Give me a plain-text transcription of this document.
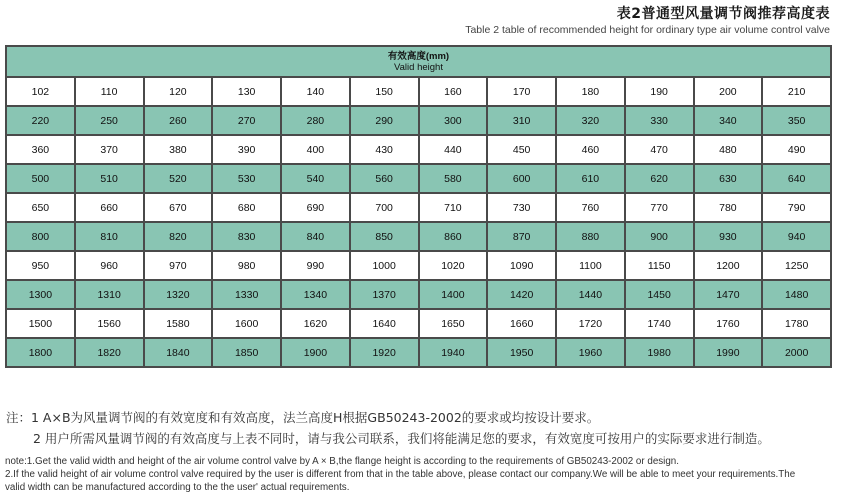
表2普通型风量调节阀推荐高度表
Table 2 table of recommended height for ordinary type air volume control valve
有效高度(mm)
Valid height											

102	110	120	130	140	150	160	170	180	190	200	210
220	250	260	270	280	290	300	310	320	330	340	350
360	370	380	390	400	430	440	450	460	470	480	490
500	510	520	530	540	560	580	600	610	620	630	640
650	660	670	680	690	700	710	730	760	770	780	790
800	810	820	830	840	850	860	870	880	900	930	940
950	960	970	980	990	1000	1020	1090	1100	1150	1200	1250
1300	1310	1320	1330	1340	1370	1400	1420	1440	1450	1470	1480
1500	1560	1580	1600	1620	1640	1650	1660	1720	1740	1760	1780
1800	1820	1840	1850	1900	1920	1940	1950	1960	1980	1990	2000
注：1 A×B为风量调节阀的有效宽度和有效高度，法兰高度H根据GB50243-2002的要求或均按设计要求。
2 用户所需风量调节阀的有效高度与上表不同时，请与我公司联系，我们将能满足您的要求，有效宽度可按用户的实际要求进行制造。
note:1.Get the valid width and height of the air volume control valve by A × B,the flange height is according to the requirements of GB50243-2002 or design.
2.If the valid height of air volume control valve required by the user is different from that in the table above, please contact our company.We will be able to meet your requirements.The
valid width can be manufactured according to the the user' actual requirements.
